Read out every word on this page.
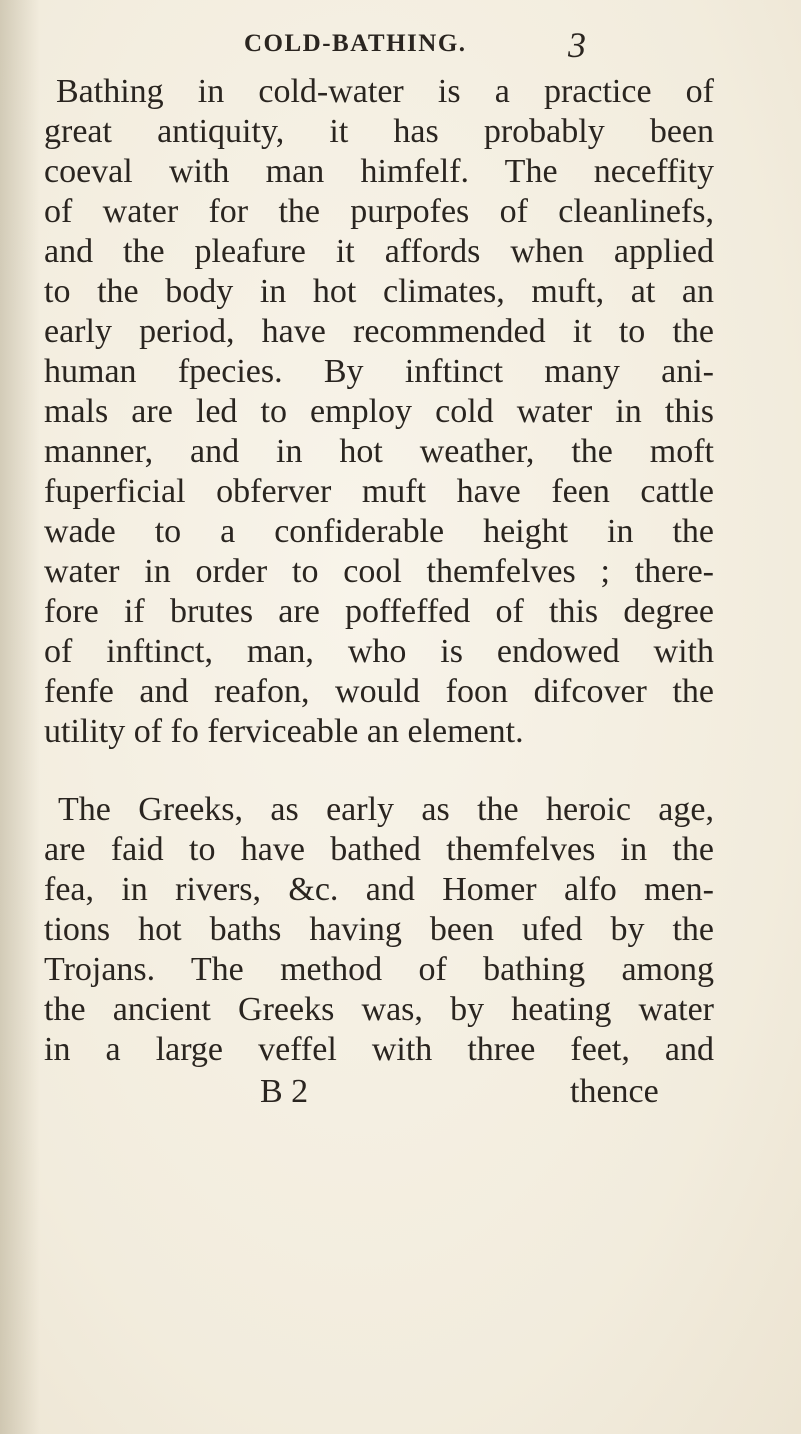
COLD-BATHING.	3
Bathing in cold-water is a practice of
great antiquity, it has probably been
coeval with man himfelf. The neceffity
of water for the purpofes of cleanlinefs,
and the pleafure it affords when applied
to the body in hot climates, muft, at an
early period, have recommended it to the
human fpecies. By inftinct many ani-
mals are led to employ cold water in this
manner, and in hot weather, the moft
fuperficial obferver muft have feen cattle
wade to a confiderable height in the
water in order to cool themfelves ; there-
fore if brutes are poffeffed of this degree
of inftinct, man, who is endowed with
fenfe and reafon, would foon difcover the
utility of fo ferviceable an element.
The Greeks, as early as the heroic age,
are faid to have bathed themfelves in the
fea, in rivers, &c. and Homer alfo men-
tions hot baths having been ufed by the
Trojans. The method of bathing among
the ancient Greeks was, by heating water
in a large veffel with three feet, and
B 2	thence
